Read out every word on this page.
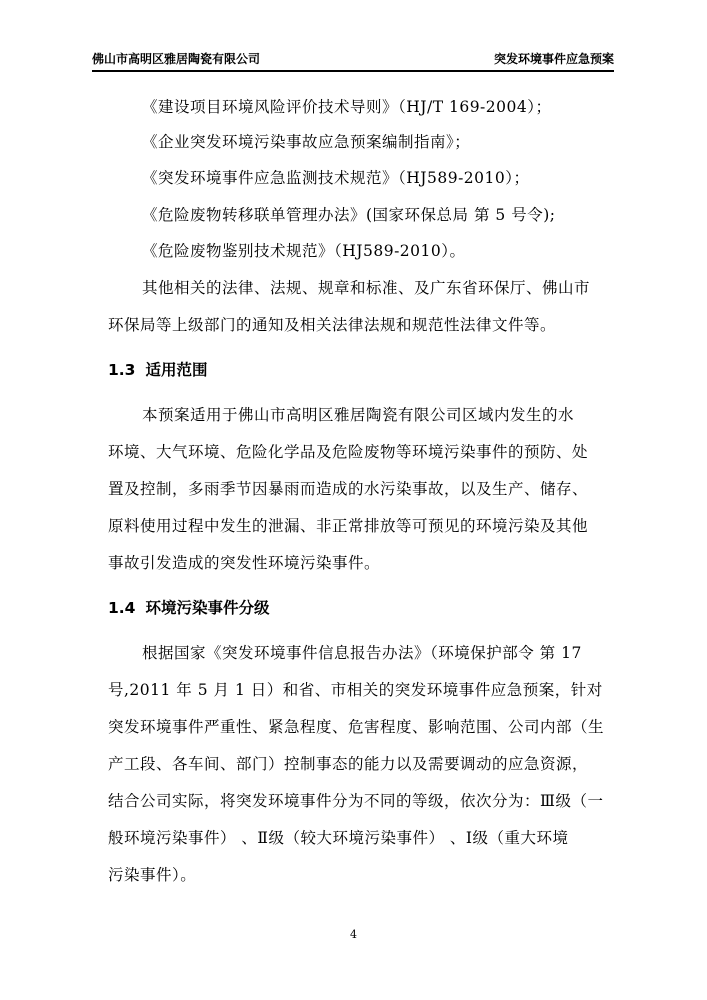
佛山市高明区雅居陶瓷有限公司	突发环境事件应急预案
《建设项目环境风险评价技术导则》（HJ/T 169-2004）；
《企业突发环境污染事故应急预案编制指南》；
《突发环境事件应急监测技术规范》（HJ589-2010）；
《危险废物转移联单管理办法》(国家环保总局 第 5 号令);
《危险废物鉴别技术规范》（HJ589-2010）。
其他相关的法律、法规、规章和标准、及广东省环保厅、佛山市
环保局等上级部门的通知及相关法律法规和规范性法律文件等。
1.3 适用范围
本预案适用于佛山市高明区雅居陶瓷有限公司区域内发生的水
环境、大气环境、危险化学品及危险废物等环境污染事件的预防、处
置及控制，多雨季节因暴雨而造成的水污染事故，以及生产、储存、
原料使用过程中发生的泄漏、非正常排放等可预见的环境污染及其他
事故引发造成的突发性环境污染事件。
1.4 环境污染事件分级
根据国家《突发环境事件信息报告办法》（环境保护部令 第 17
号,2011 年 5 月 1 日）和省、市相关的突发环境事件应急预案，针对
突发环境事件严重性、紧急程度、危害程度、影响范围、公司内部（生
产工段、各车间、部门）控制事态的能力以及需要调动的应急资源，
结合公司实际，将突发环境事件分为不同的等级，依次分为：Ⅲ级（一
般环境污染事件） 、Ⅱ级（较大环境污染事件） 、Ⅰ级（重大环境
污染事件）。
4
